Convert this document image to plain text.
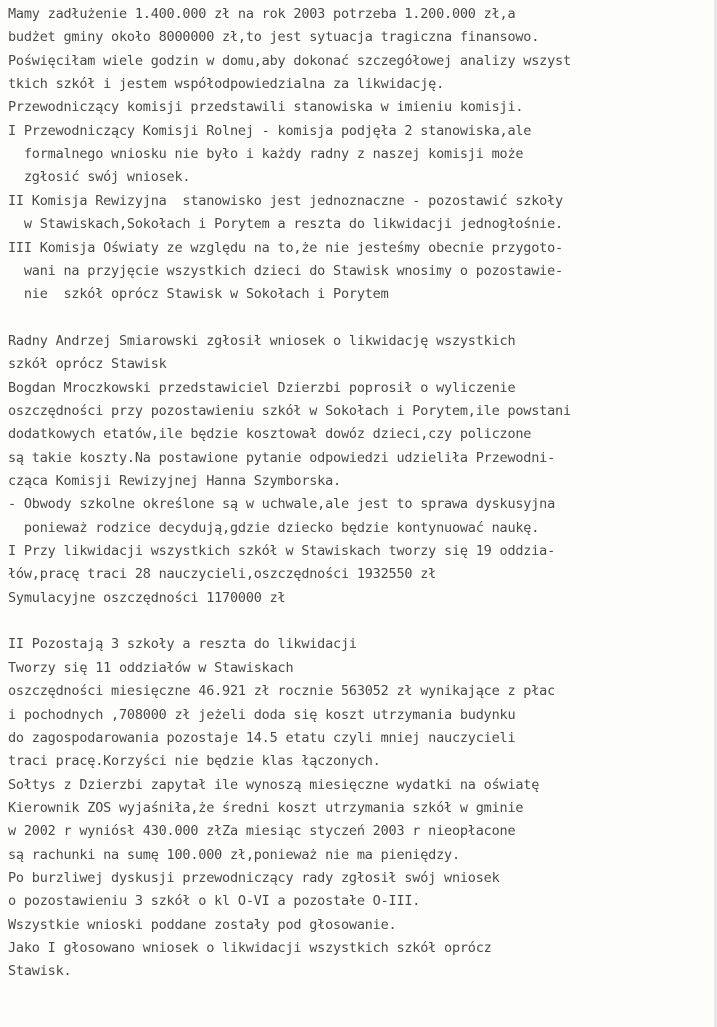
Mamy zadłużenie 1.400.000 zł na rok 2003 potrzeba 1.200.000 zł,a
budżet gminy około 8000000 zł,to jest sytuacja tragiczna finansowo.
Poświęciłam wiele godzin w domu,aby dokonać szczegółowej analizy wszyst
tkich szkół i jestem współodpowiedzialna za likwidację.
Przewodniczący komisji przedstawili stanowiska w imieniu komisji.
I Przewodniczący Komisji Rolnej - komisja podjęła 2 stanowiska,ale
formalnego wniosku nie było i każdy radny z naszej komisji może
zgłosić swój wniosek.
II Komisja Rewizyjna  stanowisko jest jednoznaczne - pozostawić szkoły
w Stawiskach,Sokołach i Porytem a reszta do likwidacji jednogłośnie.
III Komisja Oświaty ze względu na to,że nie jesteśmy obecnie przygoto-
wani na przyjęcie wszystkich dzieci do Stawisk wnosimy o pozostawie-
nie  szkół oprócz Stawisk w Sokołach i Porytem
Radny Andrzej Smiarowski zgłosił wniosek o likwidację wszystkich
szkół oprócz Stawisk
Bogdan Mroczkowski przedstawiciel Dzierzbi poprosił o wyliczenie
oszczędności przy pozostawieniu szkół w Sokołach i Porytem,ile powstani
dodatkowych etatów,ile będzie kosztował dowóz dzieci,czy policzone
są takie koszty.Na postawione pytanie odpowiedzi udzieliła Przewodni-
cząca Komisji Rewizyjnej Hanna Szymborska.
- Obwody szkolne określone są w uchwale,ale jest to sprawa dyskusyjna
ponieważ rodzice decydują,gdzie dziecko będzie kontynuować naukę.
I Przy likwidacji wszystkich szkół w Stawiskach tworzy się 19 oddzia-
łów,pracę traci 28 nauczycieli,oszczędności 1932550 zł
Symulacyjne oszczędności 1170000 zł
II Pozostają 3 szkoły a reszta do likwidacji
Tworzy się 11 oddziałów w Stawiskach
oszczędności miesięczne 46.921 zł rocznie 563052 zł wynikające z płac
i pochodnych ,708000 zł jeżeli doda się koszt utrzymania budynku
do zagospodarowania pozostaje 14.5 etatu czyli mniej nauczycieli
traci pracę.Korzyści nie będzie klas łączonych.
Sołtys z Dzierzbi zapytał ile wynoszą miesięczne wydatki na oświatę
Kierownik ZOS wyjaśniła,że średni koszt utrzymania szkół w gminie
w 2002 r wyniósł 430.000 złZa miesiąc styczeń 2003 r nieopłacone
są rachunki na sumę 100.000 zł,ponieważ nie ma pieniędzy.
Po burzliwej dyskusji przewodniczący rady zgłosił swój wniosek
o pozostawieniu 3 szkół o kl O-VI a pozostałe O-III.
Wszystkie wnioski poddane zostały pod głosowanie.
Jako I głosowano wniosek o likwidacji wszystkich szkół oprócz
Stawisk.
